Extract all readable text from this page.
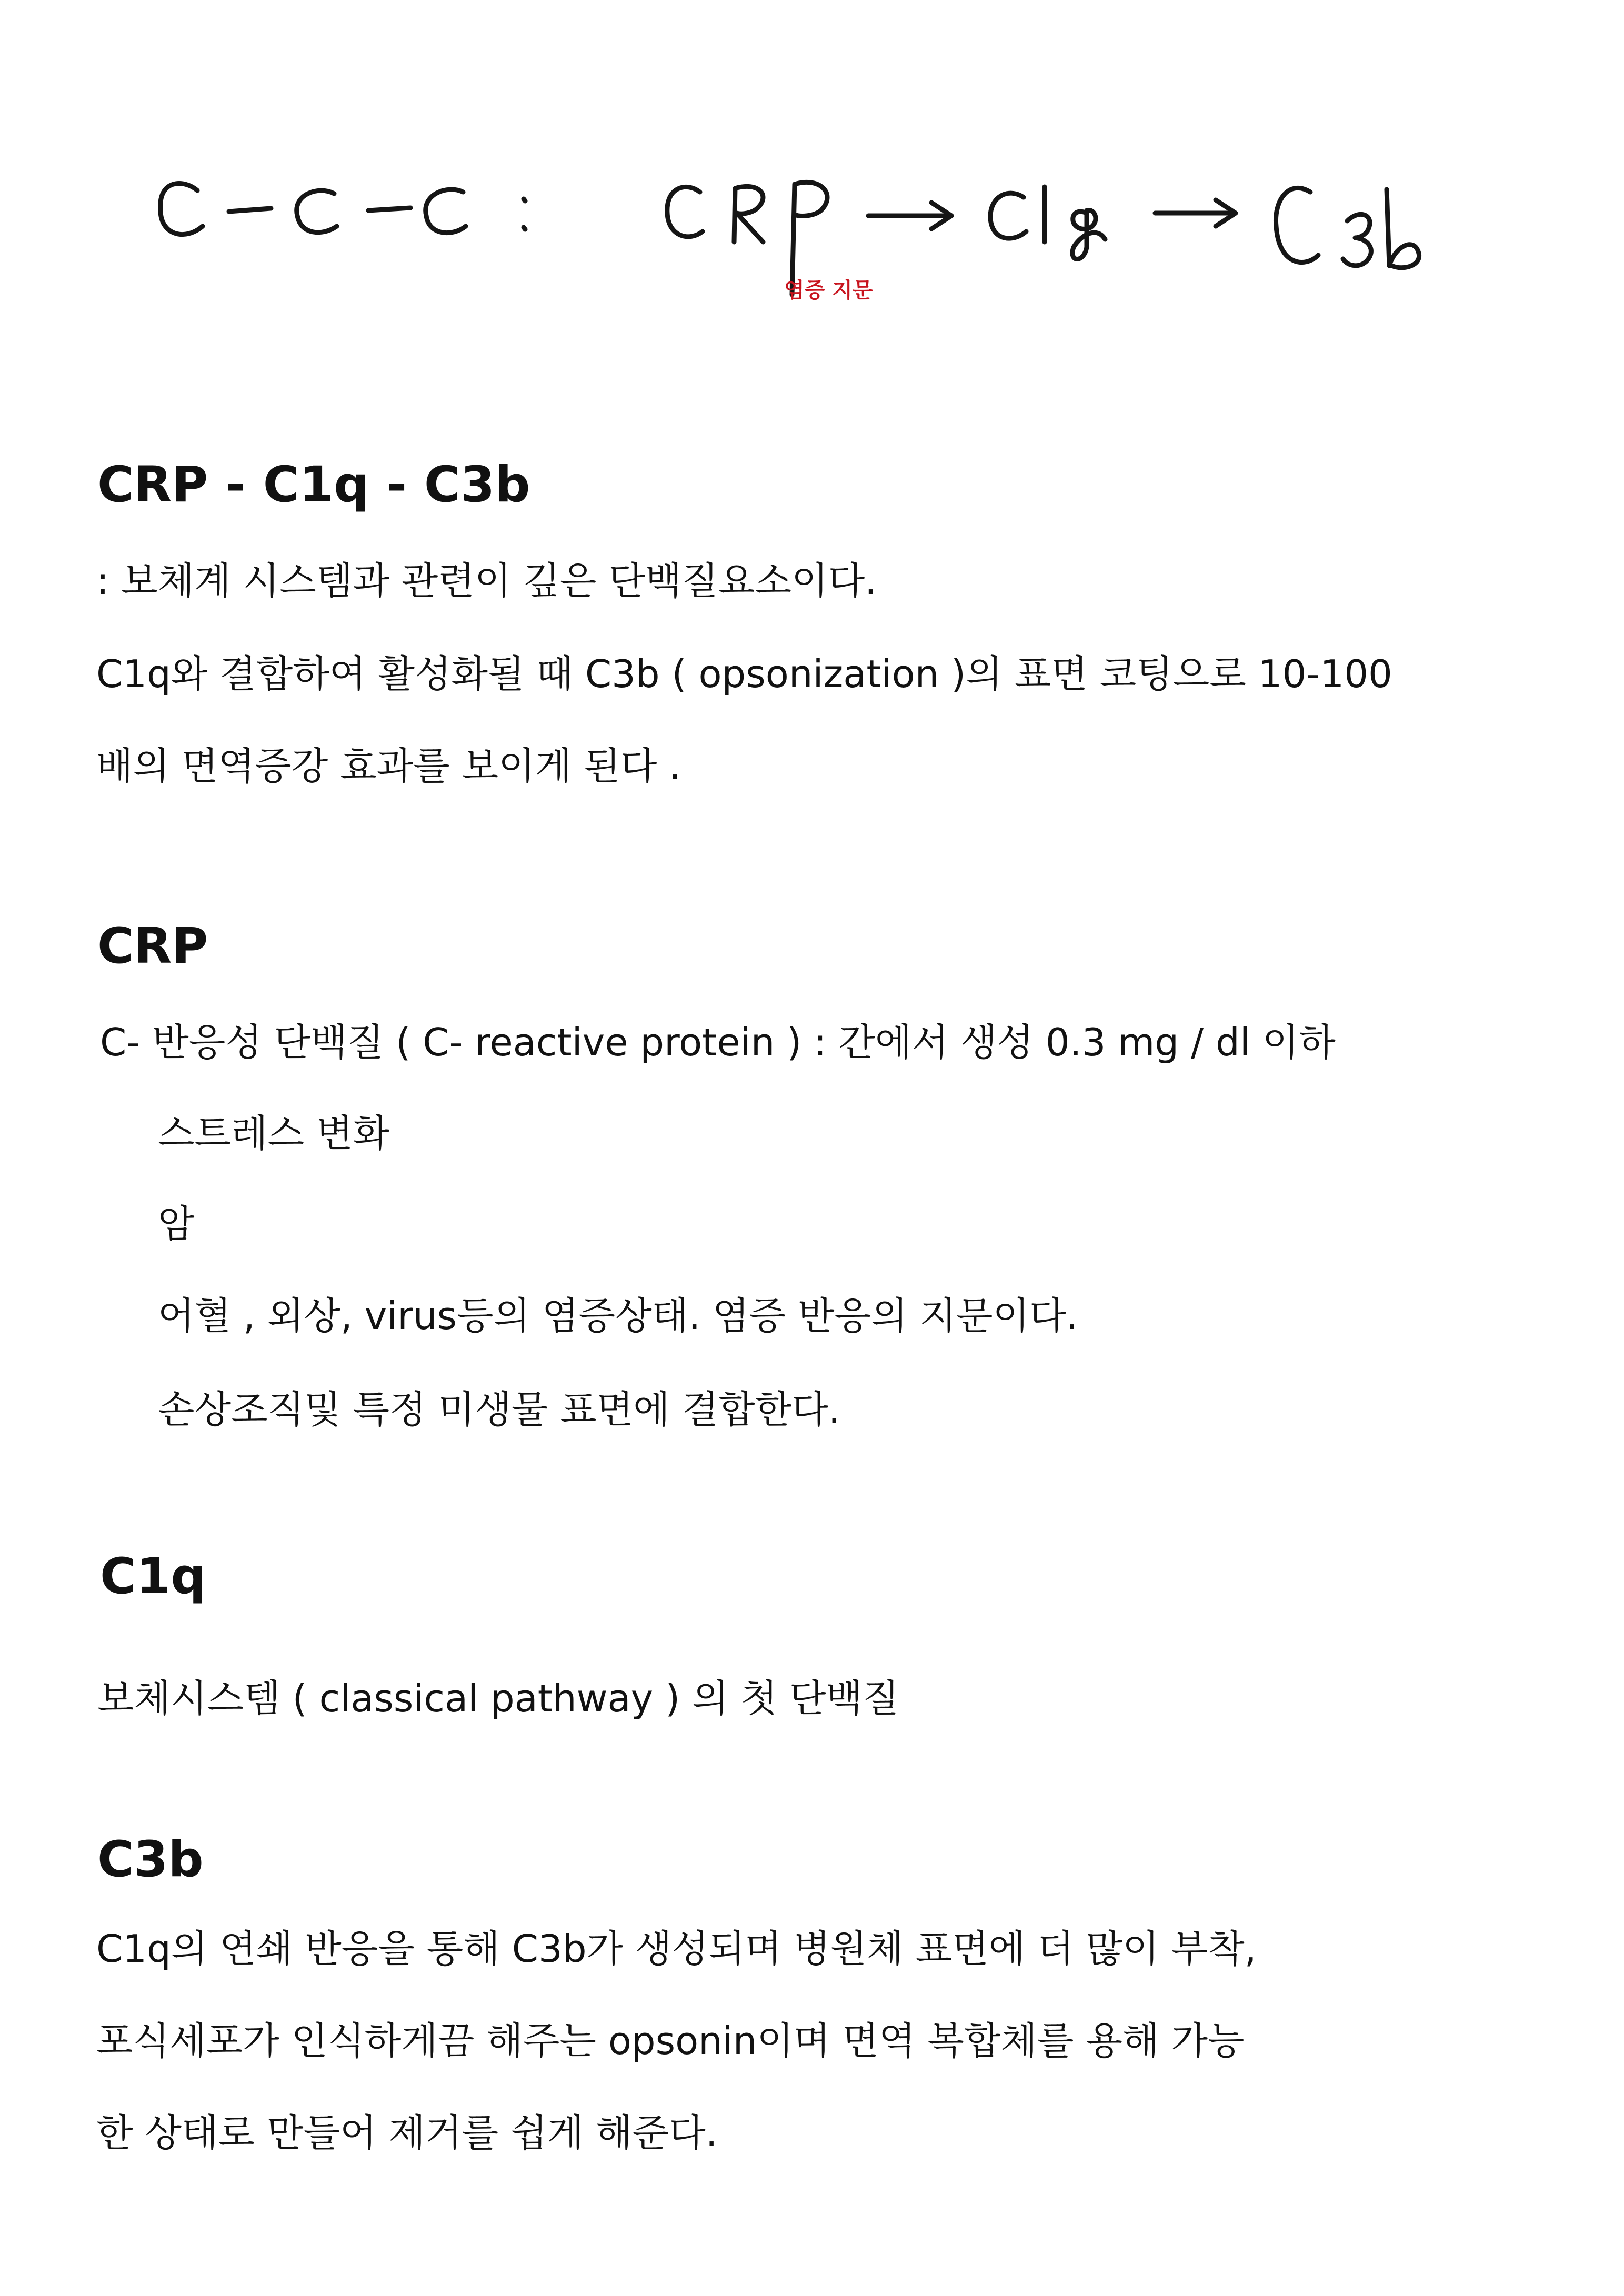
염증 지문
CRP - C1q - C3b

: 보체계 시스템과 관련이 깊은 단백질요소이다.

C1q와 결합하여 활성화될 때 C3b ( opsonization )의 표면 코팅으로 10-100

배의 면역증강 효과를 보이게 된다 .

CRP

C- 반응성 단백질 ( C- reactive protein ) : 간에서 생성 0.3 mg / dl 이하

스트레스 변화

암

어혈 , 외상, virus등의 염증상태. 염증 반응의 지문이다.

손상조직및 특정 미생물 표면에 결합한다.

C1q

보체시스템 ( classical pathway ) 의 첫 단백질

C3b

C1q의 연쇄 반응을 통해 C3b가 생성되며 병원체 표면에 더 많이 부착,

포식세포가 인식하게끔 해주는 opsonin이며 면역 복합체를 용해 가능

한 상태로 만들어 제거를 쉽게 해준다.
